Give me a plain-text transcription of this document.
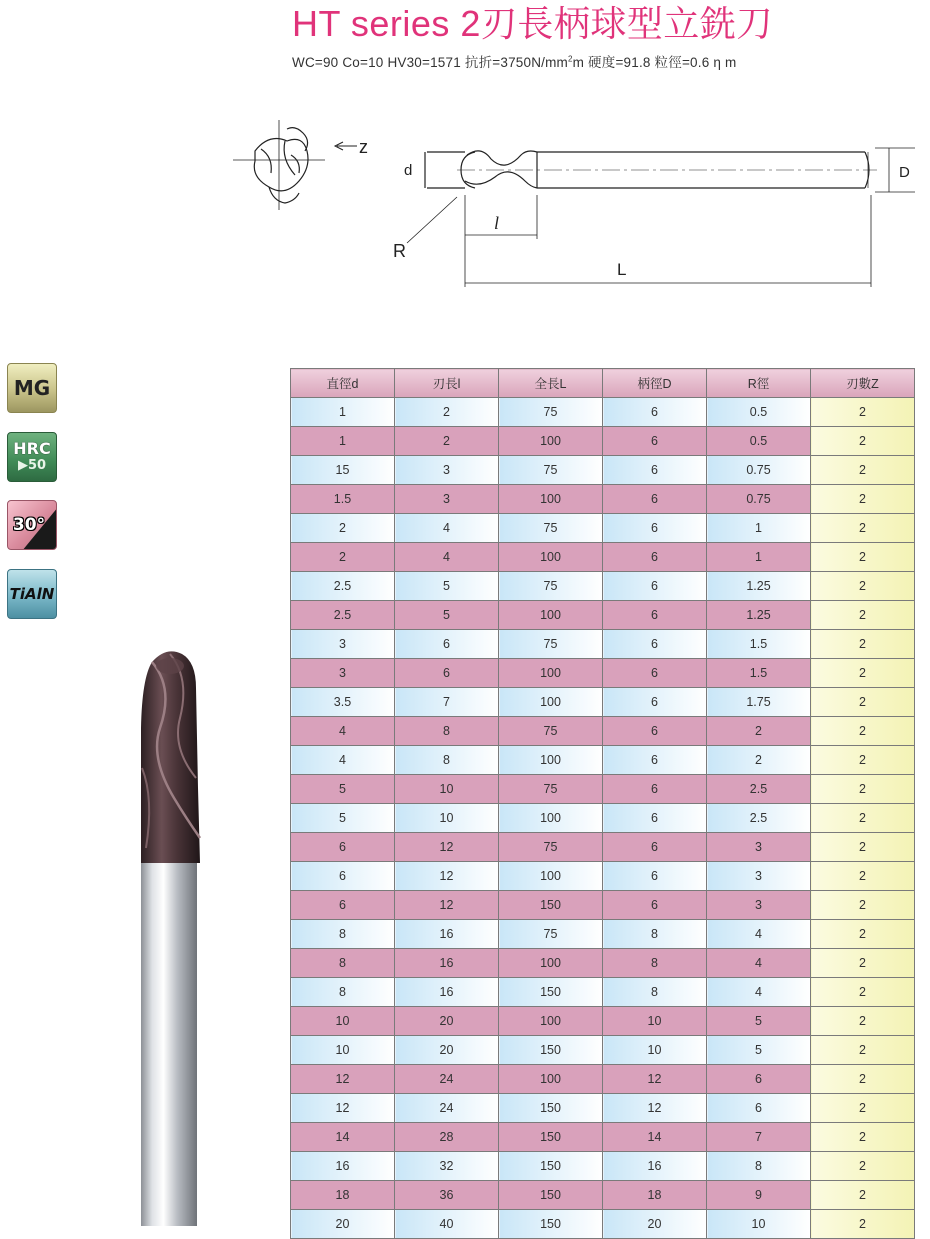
HT series 2刃長柄球型立銑刀
WC=90 Co=10 HV30=1571 抗折$=3750N/mm^2m$ 硬度=91.8 粒徑=0.6 η m
z
d	D
R
l
L
MG
HRC
▶50
30°
TiAlN
直徑d	刃長l	全長L	柄徑D	R徑	刃數Z
1	2	75	6	0.5	2
1	2	100	6	0.5	2
15	3	75	6	0.75	2
1.5	3	100	6	0.75	2
2	4	75	6	1	2
2	4	100	6	1	2
2.5	5	75	6	1.25	2
2.5	5	100	6	1.25	2
3	6	75	6	1.5	2
3	6	100	6	1.5	2
3.5	7	100	6	1.75	2
4	8	75	6	2	2
4	8	100	6	2	2
5	10	75	6	2.5	2
5	10	100	6	2.5	2
6	12	75	6	3	2
6	12	100	6	3	2
6	12	150	6	3	2
8	16	75	8	4	2
8	16	100	8	4	2
8	16	150	8	4	2
10	20	100	10	5	2
10	20	150	10	5	2
12	24	100	12	6	2
12	24	150	12	6	2
14	28	150	14	7	2
16	32	150	16	8	2
18	36	150	18	9	2
20	40	150	20	10	2
